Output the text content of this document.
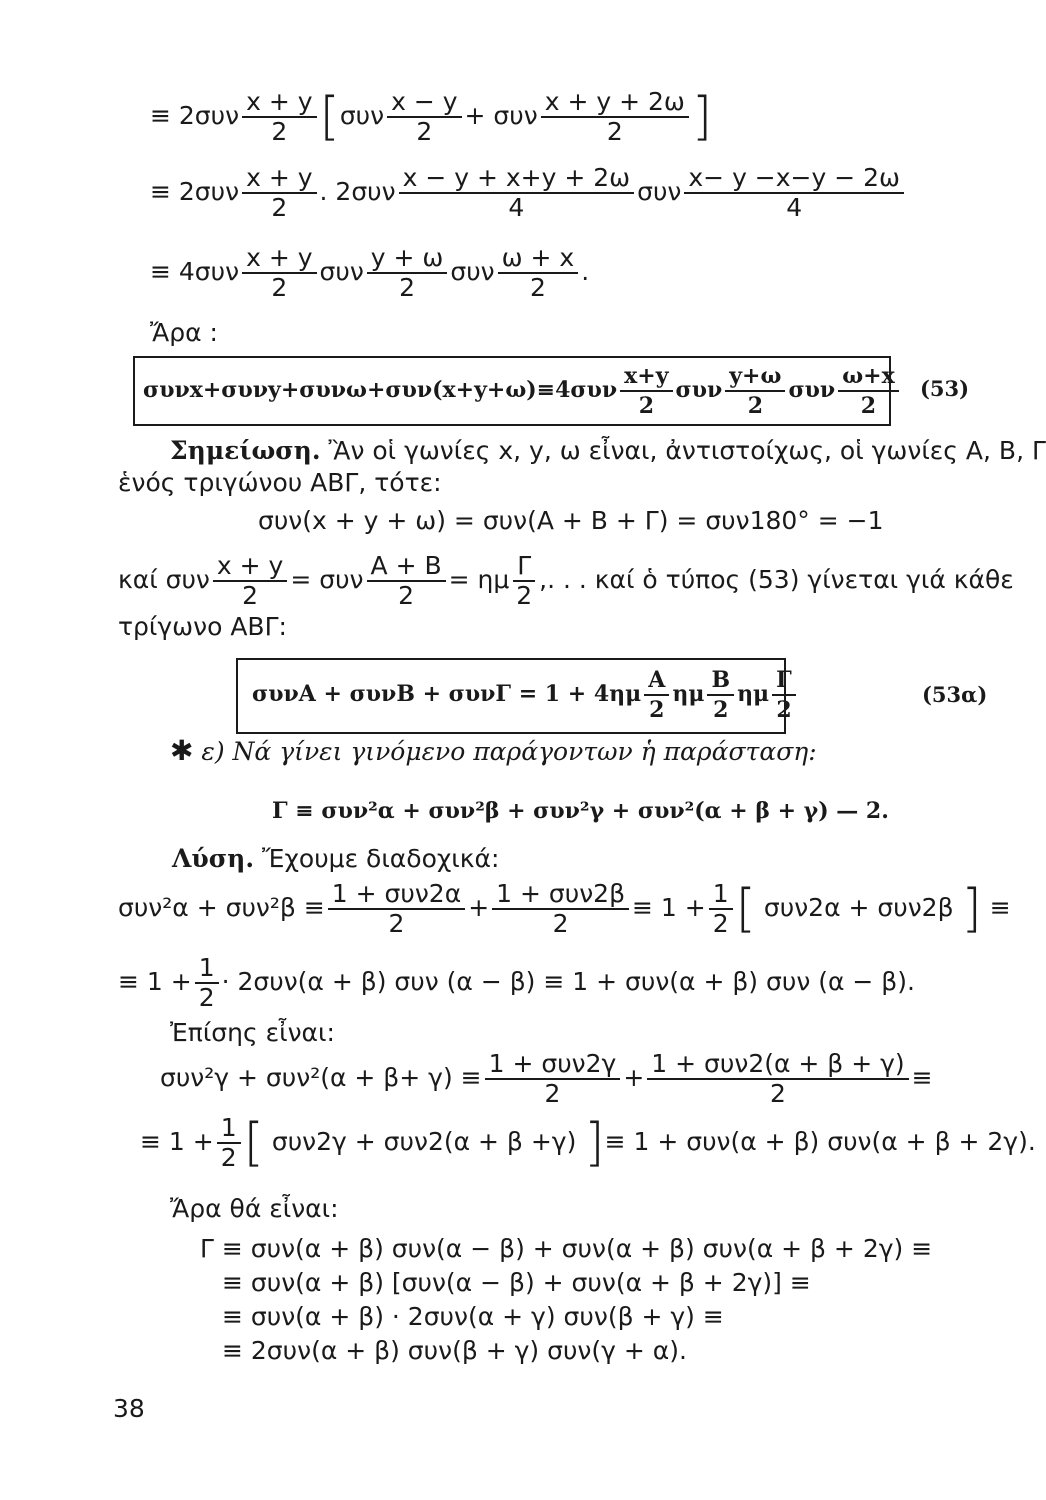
≡ $2\sigma\upsilon\nu \frac{x + y}{2} [\sigma\upsilon\nu \frac{x - y}{2} + \sigma\upsilon\nu \frac{x + y + 2\omega}{2}$ ]
≡ $2\sigma\upsilon\nu \frac{x + y}{2}$ . $2\sigma\upsilon\nu \frac{x - y + x+y + 2\omega}{4}$ συν $\frac{x- y -x-y - 2\omega}{4}$
≡ $4\sigma\upsilon\nu \frac{x + y}{2}$ συν $\frac{y + \omega}{2}$ συν $\frac{\omega + x}{2}$ .
Ἄρα :
$\sigma\upsilon\nu x+\sigma\upsilon\nu y+\sigma\upsilon\nu\omega+\sigma\upsilon\nu(x+y+\omega)\equiv 4\sigma\upsilon\nu \frac{x+y}{2}$ συν $\frac{y+\omega}{2}$ συν $\frac{\omega+x}{2} (53)$
Σημείωση. Ἂν οἱ γωνίες x, y, ω εἶναι, ἀντιστοίχως, οἱ γωνίες Α, Β, Γ
ἑνός τριγώνου ΑΒΓ, τότε:
συν(x + y + ω) = συν(Α + Β + Γ) = συν180° = −1
καί συν $\frac{x + y}{2} = \sigma\upsilon\nu \frac{A + B}{2} = \eta\mu \frac{\Gamma}{2}$ ,. . . καί ὁ τύπος (53) γίνεται γιά κάθε
τρίγωνο ΑΒΓ:
$\sigma\upsilon\nu A + \sigma\upsilon\nu B + \sigma\upsilon\nu\Gamma = 1 + 4\eta\mu \frac{A}{2}$ ημ $\frac{B}{2}$ ημ $\frac{\Gamma}{2}$	(53α)
✱ ε) Νά γίνει γινόμενο παράγοντων ἡ παράσταση:
Γ ≡ συν²α + συν²β + συν²γ + συν²(α + β + γ) — 2.
Λύση. Ἔχουμε διαδοχικά:
$\sigma\upsilon\nu^2\alpha + \sigma\upsilon\nu^2\beta \equiv \frac{\text{1 + συν2α}}{2} + \frac{\text{1 + συν2β}}{2} \equiv 1 + \frac{1}{2}$ [ συν2α + συν2β ] ≡
≡ $1 + \frac{1}{2} \cdot 2\sigma\upsilon\nu(\alpha + \beta)$ συν (α − β) ≡ 1 + συν(α + β) συν (α − β).
Ἐπίσης εἶναι:
$\sigma\upsilon\nu^2\gamma + \sigma\upsilon\nu^2(\alpha + \beta+ \gamma) \equiv \frac{\text{1 + συν2γ}}{2} + \frac{\text{1 + συν2(α + β + γ)}}{2}$ ≡
≡ $1 + \frac{1}{2}$ [ συν2γ + συν2(α + β +γ) ]≡ 1 + συν(α + β) συν(α + β + 2γ).
Ἄρα θά εἶναι:
Γ ≡ συν(α + β) συν(α − β) + συν(α + β) συν(α + β + 2γ) ≡
≡ συν(α + β) [συν(α − β) + συν(α + β + 2γ)] ≡
≡ συν(α + β) · 2συν(α + γ) συν(β + γ) ≡
≡ 2συν(α + β) συν(β + γ) συν(γ + α).
38
